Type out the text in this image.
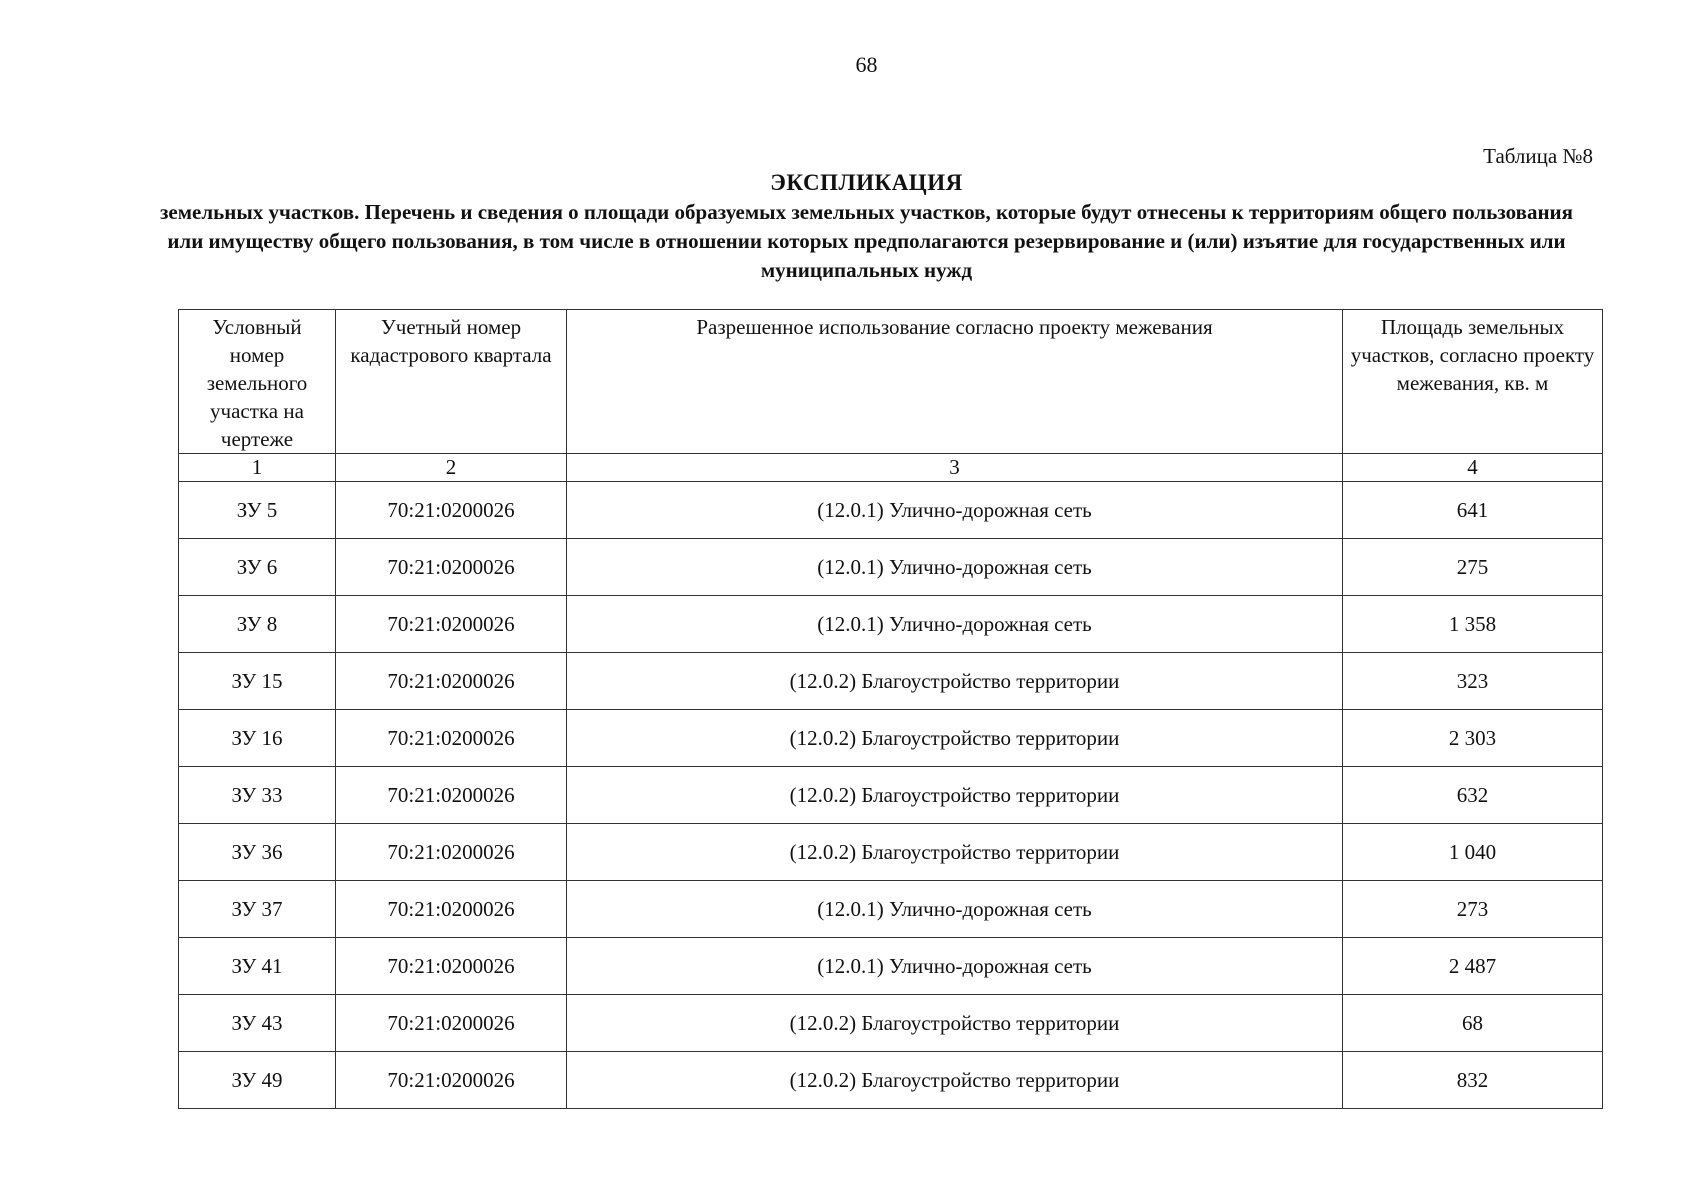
68
Таблица №8
ЭКСПЛИКАЦИЯ
земельных участков. Перечень и сведения о площади образуемых земельных участков, которые будут отнесены к территориям общего пользования или имуществу общего пользования, в том числе в отношении которых предполагаются резервирование и (или) изъятие для государственных или муниципальных нужд
Условный номер земельного участка на чертеже	Учетный номер кадастрового квартала	Разрешенное использование согласно проекту межевания	Площадь земельных участков, согласно проекту межевания, кв. м
1	2	3	4
ЗУ 5	70:21:0200026	(12.0.1) Улично-дорожная сеть	641
ЗУ 6	70:21:0200026	(12.0.1) Улично-дорожная сеть	275
ЗУ 8	70:21:0200026	(12.0.1) Улично-дорожная сеть	1 358
ЗУ 15	70:21:0200026	(12.0.2) Благоустройство территории	323
ЗУ 16	70:21:0200026	(12.0.2) Благоустройство территории	2 303
ЗУ 33	70:21:0200026	(12.0.2) Благоустройство территории	632
ЗУ 36	70:21:0200026	(12.0.2) Благоустройство территории	1 040
ЗУ 37	70:21:0200026	(12.0.1) Улично-дорожная сеть	273
ЗУ 41	70:21:0200026	(12.0.1) Улично-дорожная сеть	2 487
ЗУ 43	70:21:0200026	(12.0.2) Благоустройство территории	68
ЗУ 49	70:21:0200026	(12.0.2) Благоустройство территории	832
